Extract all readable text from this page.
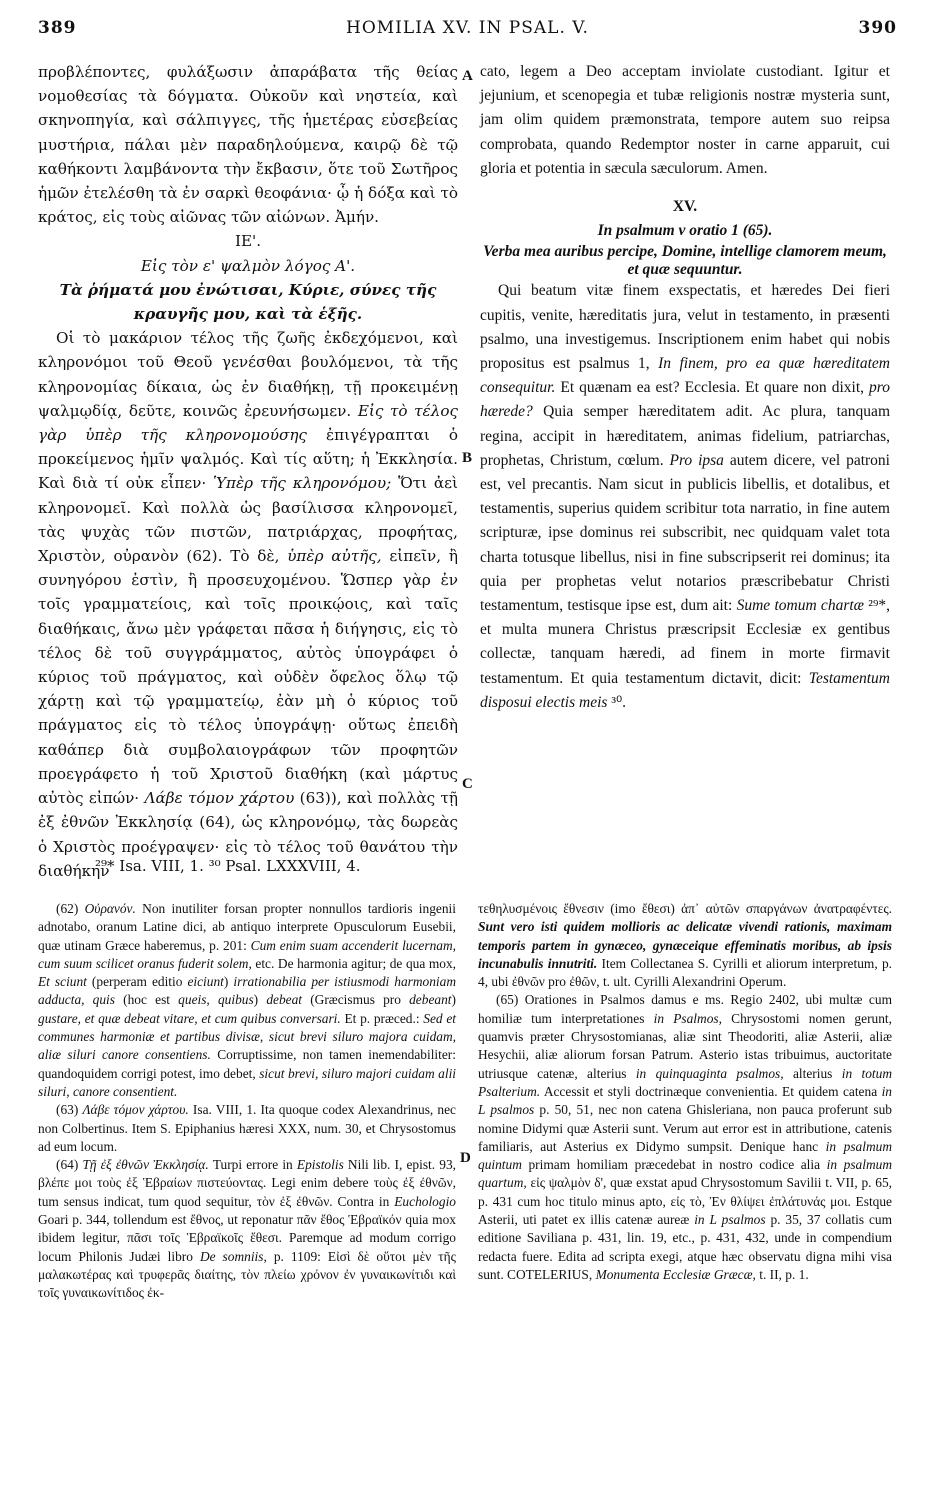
389	HOMILIA XV. IN PSAL. V.	390

προβλέποντες, φυλάξωσιν ἀπαράβατα τῆς θείας νομοθεσίας τὰ δόγματα. Οὐκοῦν καὶ νηστεία, καὶ σκηνοπηγία, καὶ σάλπιγγες, τῆς ἡμετέρας εὐσεβείας μυστήρια, πάλαι μὲν παραδηλούμενα, καιρῷ δὲ τῷ καθήκοντι λαμβάνοντα τὴν ἔκβασιν, ὅτε τοῦ Σωτῆρος ἡμῶν ἐτελέσθη τὰ ἐν σαρκὶ θεοφάνια· ᾧ ἡ δόξα καὶ τὸ κράτος, εἰς τοὺς αἰῶνας τῶν αἰώνων. Ἀμήν.

ΙΕ'.

Εἰς τὸν ε' ψαλμὸν λόγος Α'.

Τὰ ῥήματά μου ἐνώτισαι, Κύριε, σύνες τῆς κραυγῆς μου, καὶ τὰ ἑξῆς.

Οἱ τὸ μακάριον τέλος τῆς ζωῆς ἐκδεχόμενοι, καὶ κληρονόμοι τοῦ Θεοῦ γενέσθαι βουλόμενοι, τὰ τῆς κληρονομίας δίκαια, ὡς ἐν διαθήκῃ, τῇ προκειμένῃ ψαλμῳδίᾳ, δεῦτε, κοινῶς ἐρευνήσωμεν. Εἰς τὸ τέλος γὰρ ὑπὲρ τῆς κληρονομούσης ἐπιγέγραπται ὁ προκείμενος ἡμῖν ψαλμός. Καὶ τίς αὕτη; ἡ Ἐκκλησία. Καὶ διὰ τί οὐκ εἶπεν· Ὑπὲρ τῆς κληρονόμου; Ὅτι ἀεὶ κληρονομεῖ. Καὶ πολλὰ ὡς βασίλισσα κληρονομεῖ, τὰς ψυχὰς τῶν πιστῶν, πατριάρχας, προφήτας, Χριστὸν, οὐρανὸν (62). Τὸ δὲ, ὑπὲρ αὐτῆς, εἰπεῖν, ἢ συνηγόρου ἐστὶν, ἢ προσευχομένου. Ὥσπερ γὰρ ἐν τοῖς γραμματείοις, καὶ τοῖς προικῴοις, καὶ ταῖς διαθήκαις, ἄνω μὲν γράφεται πᾶσα ἡ διήγησις, εἰς τὸ τέλος δὲ τοῦ συγγράμματος, αὐτὸς ὑπογράφει ὁ κύριος τοῦ πράγματος, καὶ οὐδὲν ὄφελος ὅλῳ τῷ χάρτῃ καὶ τῷ γραμματείῳ, ἐὰν μὴ ὁ κύριος τοῦ πράγματος εἰς τὸ τέλος ὑπογράψῃ· οὕτως ἐπειδὴ καθάπερ διὰ συμβολαιογράφων τῶν προφητῶν προεγράφετο ἡ τοῦ Χριστοῦ διαθήκη (καὶ μάρτυς αὐτὸς εἰπών· Λάβε τόμον χάρτου (63)), καὶ πολλὰς τῇ ἐξ ἐθνῶν Ἐκκλησίᾳ (64), ὡς κληρονόμῳ, τὰς δωρεὰς ὁ Χριστὸς προέγραψεν· εἰς τὸ τέλος τοῦ θανάτου τὴν διαθήκην

cato, legem a Deo acceptam inviolate custodiant. Igitur et jejunium, et scenopegia et tubæ religionis nostræ mysteria sunt, jam olim quidem præmonstrata, tempore autem suo reipsa comprobata, quando Redemptor noster in carne apparuit, cui gloria et potentia in sæcula sæculorum. Amen.

XV.

In psalmum v oratio 1 (65).

Verba mea auribus percipe, Domine, intellige clamorem meum, et quæ sequuntur.

Qui beatum vitæ finem exspectatis, et hæredes Dei fieri cupitis, venite, hæreditatis jura, velut in testamento, in præsenti psalmo, una investigemus. Inscriptionem enim habet qui nobis propositus est psalmus 1, In finem, pro ea quæ hæreditatem consequitur. Et quænam ea est? Ecclesia. Et quare non dixit, pro hærede? Quia semper hæreditatem adit. Ac plura, tanquam regina, accipit in hæreditatem, animas fidelium, patriarchas, prophetas, Christum, cœlum. Pro ipsa autem dicere, vel patroni est, vel precantis. Nam sicut in publicis libellis, et dotalibus, et testamentis, superius quidem scribitur tota narratio, in fine autem scripturæ, ipse dominus rei subscribit, nec quidquam valet tota charta totusque libellus, nisi in fine subscripserit rei dominus; ita quia per prophetas velut notarios præscribebatur Christi testamentum, testisque ipse est, dum ait: Sume tomum chartæ ²⁹*, et multa munera Christus præscripsit Ecclesiæ ex gentibus collectæ, tanquam hæredi, ad finem in morte firmavit testamentum. Et quia testamentum dictavit, dicit: Testamentum disposui electis meis ³⁰.

A
B
C
D
²⁹* Isa. VIII, 1. ³⁰ Psal. LXXXVIII, 4.

(62) Οὐρανόν. Non inutiliter forsan propter nonnullos tardioris ingenii adnotabo, oranum Latine dici, ab antiquo interprete Opusculorum Eusebii, quæ utinam Græce haberemus, p. 201: Cum enim suam accenderit lucernam, cum suum scilicet oranus fuderit solem, etc. De harmonia agitur; de qua mox, Et sciunt (perperam editio eiciunt) irrationabilia per istiusmodi harmoniam adducta, quis (hoc est queis, quibus) debeat (Græcismus pro debeant) gustare, et quæ debeat vitare, et cum quibus conversari. Et p. præced.: Sed et communes harmoniæ et partibus divisæ, sicut brevi siluro majora cuidam, aliæ siluri canore consentiens. Corruptissime, non tamen inemendabiliter: quandoquidem corrigi potest, imo debet, sicut brevi, siluro majori cuidam alii siluri, canore consentient.

(63) Λάβε τόμον χάρτου. Isa. VIII, 1. Ita quoque codex Alexandrinus, nec non Colbertinus. Item S. Epiphanius hæresi XXX, num. 30, et Chrysostomus ad eum locum.

(64) Τῇ ἐξ ἐθνῶν Ἐκκλησίᾳ. Turpi errore in Epistolis Nili lib. I, epist. 93, βλέπε μοι τοὺς ἐξ Ἑβραίων πιστεύοντας. Legi enim debere τοὺς ἐξ ἐθνῶν, tum sensus indicat, tum quod sequitur, τὸν ἐξ ἐθνῶν. Contra in Euchologio Goari p. 344, tollendum est ἔθνος, ut reponatur πᾶν ἔθος Ἑβραϊκόν quia mox ibidem legitur, πᾶσι τοῖς Ἑβραϊκοῖς ἔθεσι. Paremque ad modum corrigo locum Philonis Judæi libro De somniis, p. 1109: Εἰσὶ δὲ οὕτοι μὲν τῆς μαλακωτέρας καὶ τρυφερᾶς διαίτης, τὸν πλείω χρόνον ἐν γυναικωνίτιδι καὶ τοῖς γυναικωνίτιδος ἐκ-

τεθηλυσμένοις ἔθνεσιν (imo ἔθεσι) ἀπ᾽ αὐτῶν σπαργάνων ἀνατραφέντες. Sunt vero isti quidem mollioris ac delicatæ vivendi rationis, maximam temporis partem in gynæceo, gynæceique effeminatis moribus, ab ipsis incunabulis innutriti. Item Collectanea S. Cyrilli et aliorum interpretum, p. 4, ubi ἐθνῶν pro ἐθῶν, t. ult. Cyrilli Alexandrini Operum.

(65) Orationes in Psalmos damus e ms. Regio 2402, ubi multæ cum homiliæ tum interpretationes in Psalmos, Chrysostomi nomen gerunt, quamvis præter Chrysostomianas, aliæ sint Theodoriti, aliæ Asterii, aliæ Hesychii, aliæ aliorum forsan Patrum. Asterio istas tribuimus, auctoritate utriusque catenæ, alterius in quinquaginta psalmos, alterius in totum Psalterium. Accessit et styli doctrinæque convenientia. Et quidem catena in L psalmos p. 50, 51, nec non catena Ghisleriana, non pauca proferunt sub nomine Didymi quæ Asterii sunt. Verum aut error est in attributione, catenis familiaris, aut Asterius ex Didymo sumpsit. Denique hanc in psalmum quintum primam homiliam præcedebat in nostro codice alia in psalmum quartum, εἰς ψαλμὸν δ', quæ exstat apud Chrysostomum Savilii t. VII, p. 65, p. 431 cum hoc titulo minus apto, εἰς τὸ, Ἐν θλίψει ἐπλάτυνάς μοι. Estque Asterii, uti patet ex illis catenæ aureæ in L psalmos p. 35, 37 collatis cum editione Saviliana p. 431, lin. 19, etc., p. 431, 432, unde in compendium redacta fuere. Edita ad scripta exegi, atque hæc observatu digna mihi visa sunt. COTELERIUS, Monumenta Ecclesiæ Græcæ, t. II, p. 1.
